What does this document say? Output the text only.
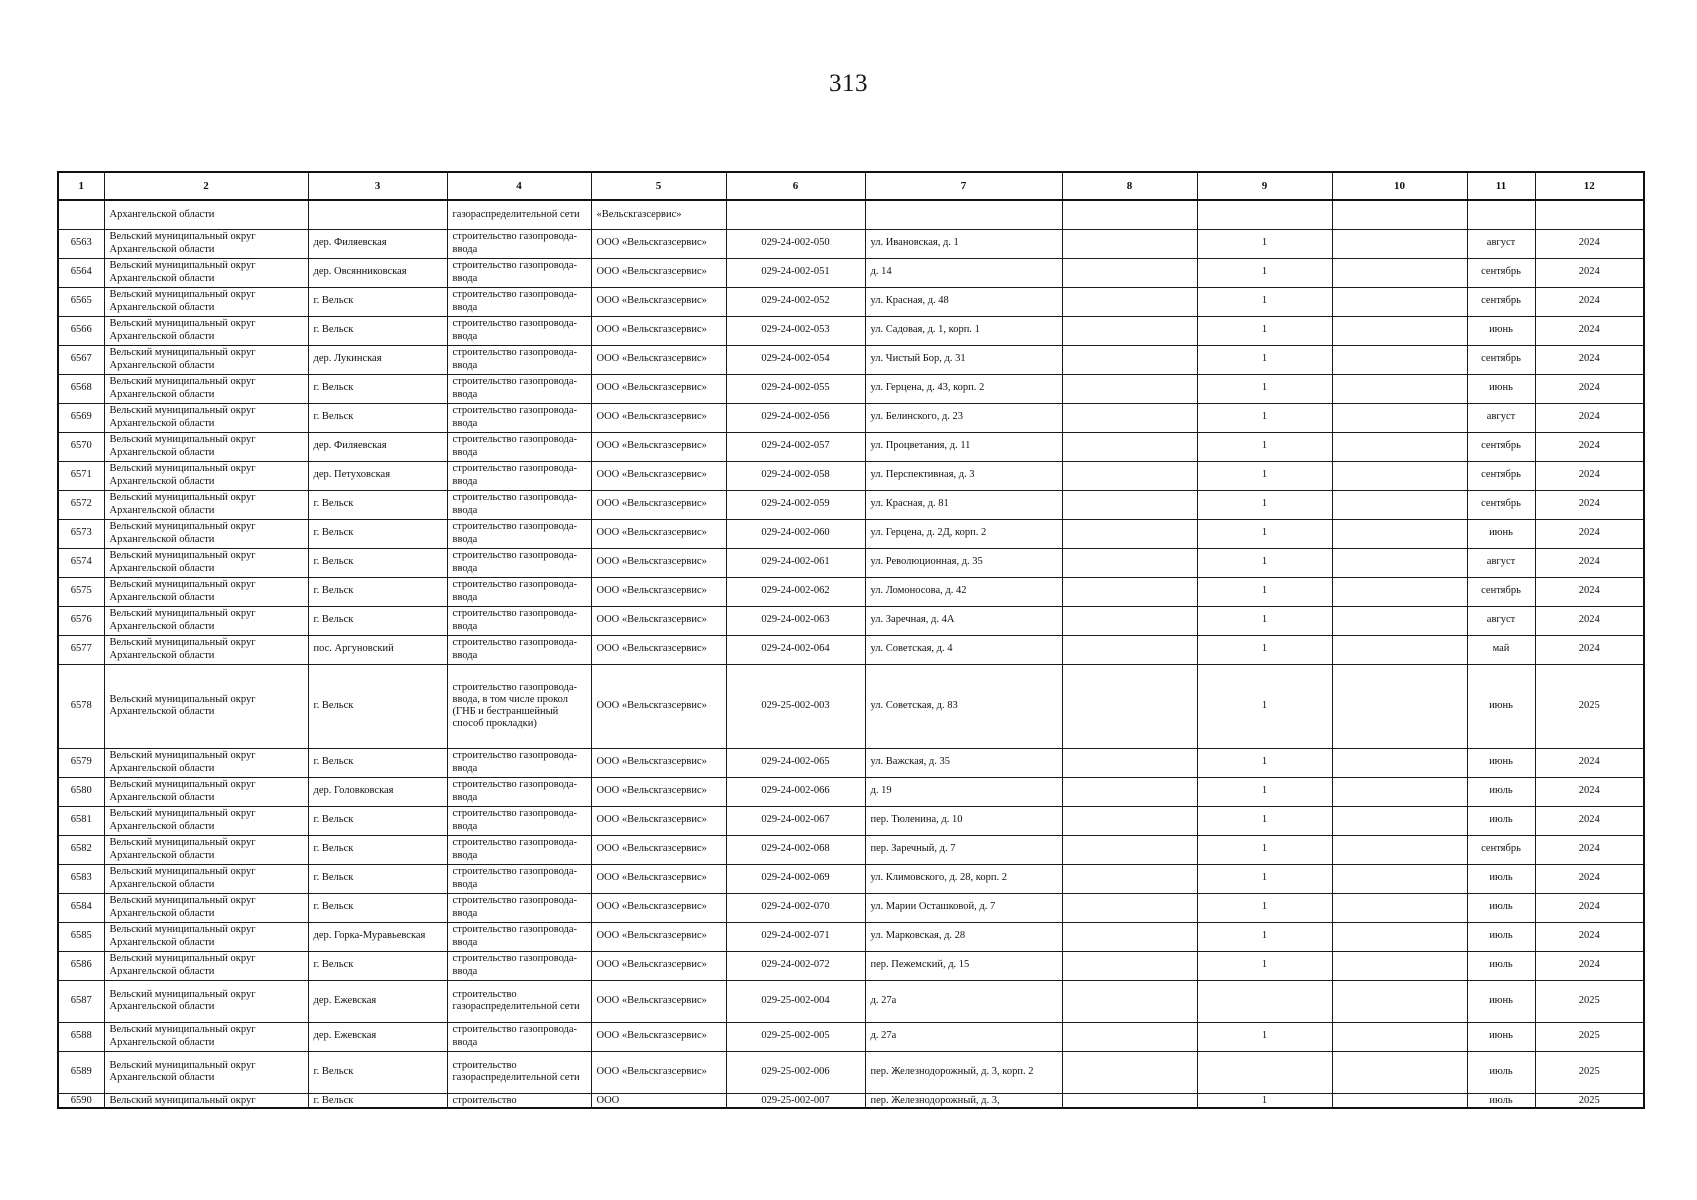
313
1	2	3	4	5	6	7	8	9	10	11	12
	Архангельской области		газораспределительной сети	«Вельскгазсервис»							
6563	Вельский муниципальный округ Архангельской области	дер. Филяевская	строительство газопровода-ввода	ООО «Вельскгазсервис»	029-24-002-050	ул. Ивановская, д. 1		1		август	2024
6564	Вельский муниципальный округ Архангельской области	дер. Овсянниковская	строительство газопровода-ввода	ООО «Вельскгазсервис»	029-24-002-051	д. 14		1		сентябрь	2024
6565	Вельский муниципальный округ Архангельской области	г. Вельск	строительство газопровода-ввода	ООО «Вельскгазсервис»	029-24-002-052	ул. Красная, д. 48		1		сентябрь	2024
6566	Вельский муниципальный округ Архангельской области	г. Вельск	строительство газопровода-ввода	ООО «Вельскгазсервис»	029-24-002-053	ул. Садовая, д. 1, корп. 1		1		июнь	2024
6567	Вельский муниципальный округ Архангельской области	дер. Лукинская	строительство газопровода-ввода	ООО «Вельскгазсервис»	029-24-002-054	ул. Чистый Бор, д. 31		1		сентябрь	2024
6568	Вельский муниципальный округ Архангельской области	г. Вельск	строительство газопровода-ввода	ООО «Вельскгазсервис»	029-24-002-055	ул. Герцена, д. 43, корп. 2		1		июнь	2024
6569	Вельский муниципальный округ Архангельской области	г. Вельск	строительство газопровода-ввода	ООО «Вельскгазсервис»	029-24-002-056	ул. Белинского, д. 23		1		август	2024
6570	Вельский муниципальный округ Архангельской области	дер. Филяевская	строительство газопровода-ввода	ООО «Вельскгазсервис»	029-24-002-057	ул. Процветания, д. 11		1		сентябрь	2024
6571	Вельский муниципальный округ Архангельской области	дер. Петуховская	строительство газопровода-ввода	ООО «Вельскгазсервис»	029-24-002-058	ул. Перспективная, д. 3		1		сентябрь	2024
6572	Вельский муниципальный округ Архангельской области	г. Вельск	строительство газопровода-ввода	ООО «Вельскгазсервис»	029-24-002-059	ул. Красная, д. 81		1		сентябрь	2024
6573	Вельский муниципальный округ Архангельской области	г. Вельск	строительство газопровода-ввода	ООО «Вельскгазсервис»	029-24-002-060	ул. Герцена, д. 2Д, корп. 2		1		июнь	2024
6574	Вельский муниципальный округ Архангельской области	г. Вельск	строительство газопровода-ввода	ООО «Вельскгазсервис»	029-24-002-061	ул. Революционная, д. 35		1		август	2024
6575	Вельский муниципальный округ Архангельской области	г. Вельск	строительство газопровода-ввода	ООО «Вельскгазсервис»	029-24-002-062	ул. Ломоносова, д. 42		1		сентябрь	2024
6576	Вельский муниципальный округ Архангельской области	г. Вельск	строительство газопровода-ввода	ООО «Вельскгазсервис»	029-24-002-063	ул. Заречная, д. 4А		1		август	2024
6577	Вельский муниципальный округ Архангельской области	пос. Аргуновский	строительство газопровода-ввода	ООО «Вельскгазсервис»	029-24-002-064	ул. Советская, д. 4		1		май	2024
6578	Вельский муниципальный округ Архангельской области	г. Вельск	строительство газопровода-ввода, в том числе прокол (ГНБ и бестраншейный способ прокладки)	ООО «Вельскгазсервис»	029-25-002-003	ул. Советская, д. 83		1		июнь	2025
6579	Вельский муниципальный округ Архангельской области	г. Вельск	строительство газопровода-ввода	ООО «Вельскгазсервис»	029-24-002-065	ул. Важская, д. 35		1		июнь	2024
6580	Вельский муниципальный округ Архангельской области	дер. Головковская	строительство газопровода-ввода	ООО «Вельскгазсервис»	029-24-002-066	д. 19		1		июль	2024
6581	Вельский муниципальный округ Архангельской области	г. Вельск	строительство газопровода-ввода	ООО «Вельскгазсервис»	029-24-002-067	пер. Тюленина, д. 10		1		июль	2024
6582	Вельский муниципальный округ Архангельской области	г. Вельск	строительство газопровода-ввода	ООО «Вельскгазсервис»	029-24-002-068	пер. Заречный, д. 7		1		сентябрь	2024
6583	Вельский муниципальный округ Архангельской области	г. Вельск	строительство газопровода-ввода	ООО «Вельскгазсервис»	029-24-002-069	ул. Климовского, д. 28, корп. 2		1		июль	2024
6584	Вельский муниципальный округ Архангельской области	г. Вельск	строительство газопровода-ввода	ООО «Вельскгазсервис»	029-24-002-070	ул. Марии Осташковой, д. 7		1		июль	2024
6585	Вельский муниципальный округ Архангельской области	дер. Горка-Муравьевская	строительство газопровода-ввода	ООО «Вельскгазсервис»	029-24-002-071	ул. Марковская, д. 28		1		июль	2024
6586	Вельский муниципальный округ Архангельской области	г. Вельск	строительство газопровода-ввода	ООО «Вельскгазсервис»	029-24-002-072	пер. Пежемский, д. 15		1		июль	2024
6587	Вельский муниципальный округ Архангельской области	дер. Ежевская	строительство газораспределительной сети	ООО «Вельскгазсервис»	029-25-002-004	д. 27а				июнь	2025
6588	Вельский муниципальный округ Архангельской области	дер. Ежевская	строительство газопровода-ввода	ООО «Вельскгазсервис»	029-25-002-005	д. 27а		1		июнь	2025
6589	Вельский муниципальный округ Архангельской области	г. Вельск	строительство газораспределительной сети	ООО «Вельскгазсервис»	029-25-002-006	пер. Железнодорожный, д. 3, корп. 2				июль	2025
6590	Вельский муниципальный округ	г. Вельск	строительство	ООО	029-25-002-007	пер. Железнодорожный, д. 3,		1		июль	2025
